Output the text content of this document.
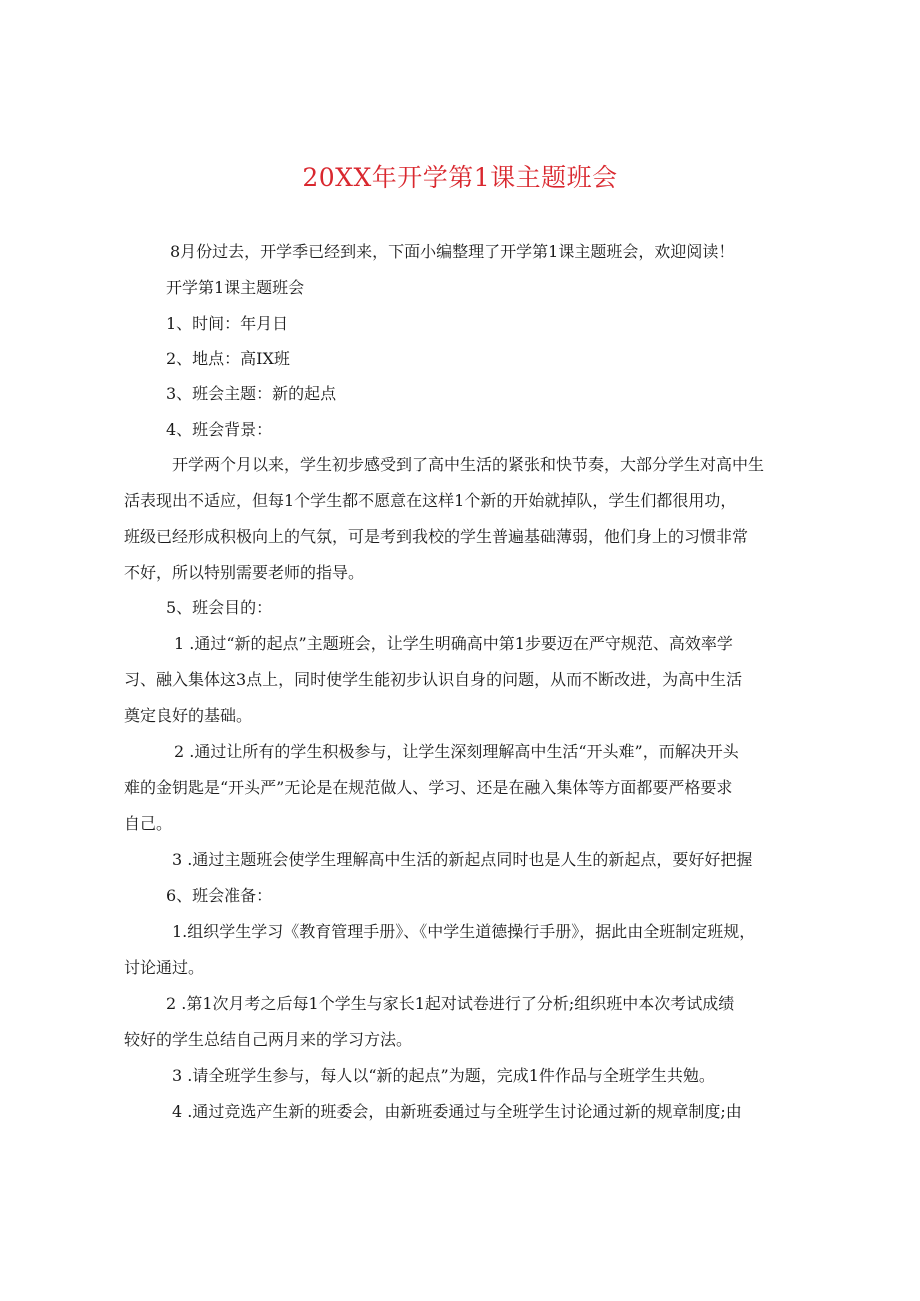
20XX年开学第1课主题班会
8月份过去，开学季已经到来，下面小编整理了开学第1课主题班会，欢迎阅读！
开学第1课主题班会
1、时间：年月日
2、地点：高IX班
3、班会主题：新的起点
4、班会背景：
开学两个月以来，学生初步感受到了高中生活的紧张和快节奏，大部分学生对高中生
活表现出不适应，但每1个学生都不愿意在这样1个新的开始就掉队，学生们都很用功，
班级已经形成积极向上的气氛，可是考到我校的学生普遍基础薄弱，他们身上的习惯非常
不好，所以特别需要老师的指导。
5、班会目的：
1 .通过“新的起点”主题班会，让学生明确高中第1步要迈在严守规范、高效率学
习、融入集体这3点上，同时使学生能初步认识自身的问题，从而不断改进，为高中生活
奠定良好的基础。
2 .通过让所有的学生积极参与，让学生深刻理解高中生活“开头难”，而解决开头
难的金钥匙是“开头严”无论是在规范做人、学习、还是在融入集体等方面都要严格要求
自己。
3 .通过主题班会使学生理解高中生活的新起点同时也是人生的新起点，要好好把握
6、班会准备：
1.组织学生学习《教育管理手册》、《中学生道德操行手册》，据此由全班制定班规，
讨论通过。
2 .第1次月考之后每1个学生与家长1起对试卷进行了分析;组织班中本次考试成绩
较好的学生总结自己两月来的学习方法。
3 .请全班学生参与，每人以“新的起点”为题，完成1件作品与全班学生共勉。
4 .通过竞选产生新的班委会，由新班委通过与全班学生讨论通过新的规章制度;由
